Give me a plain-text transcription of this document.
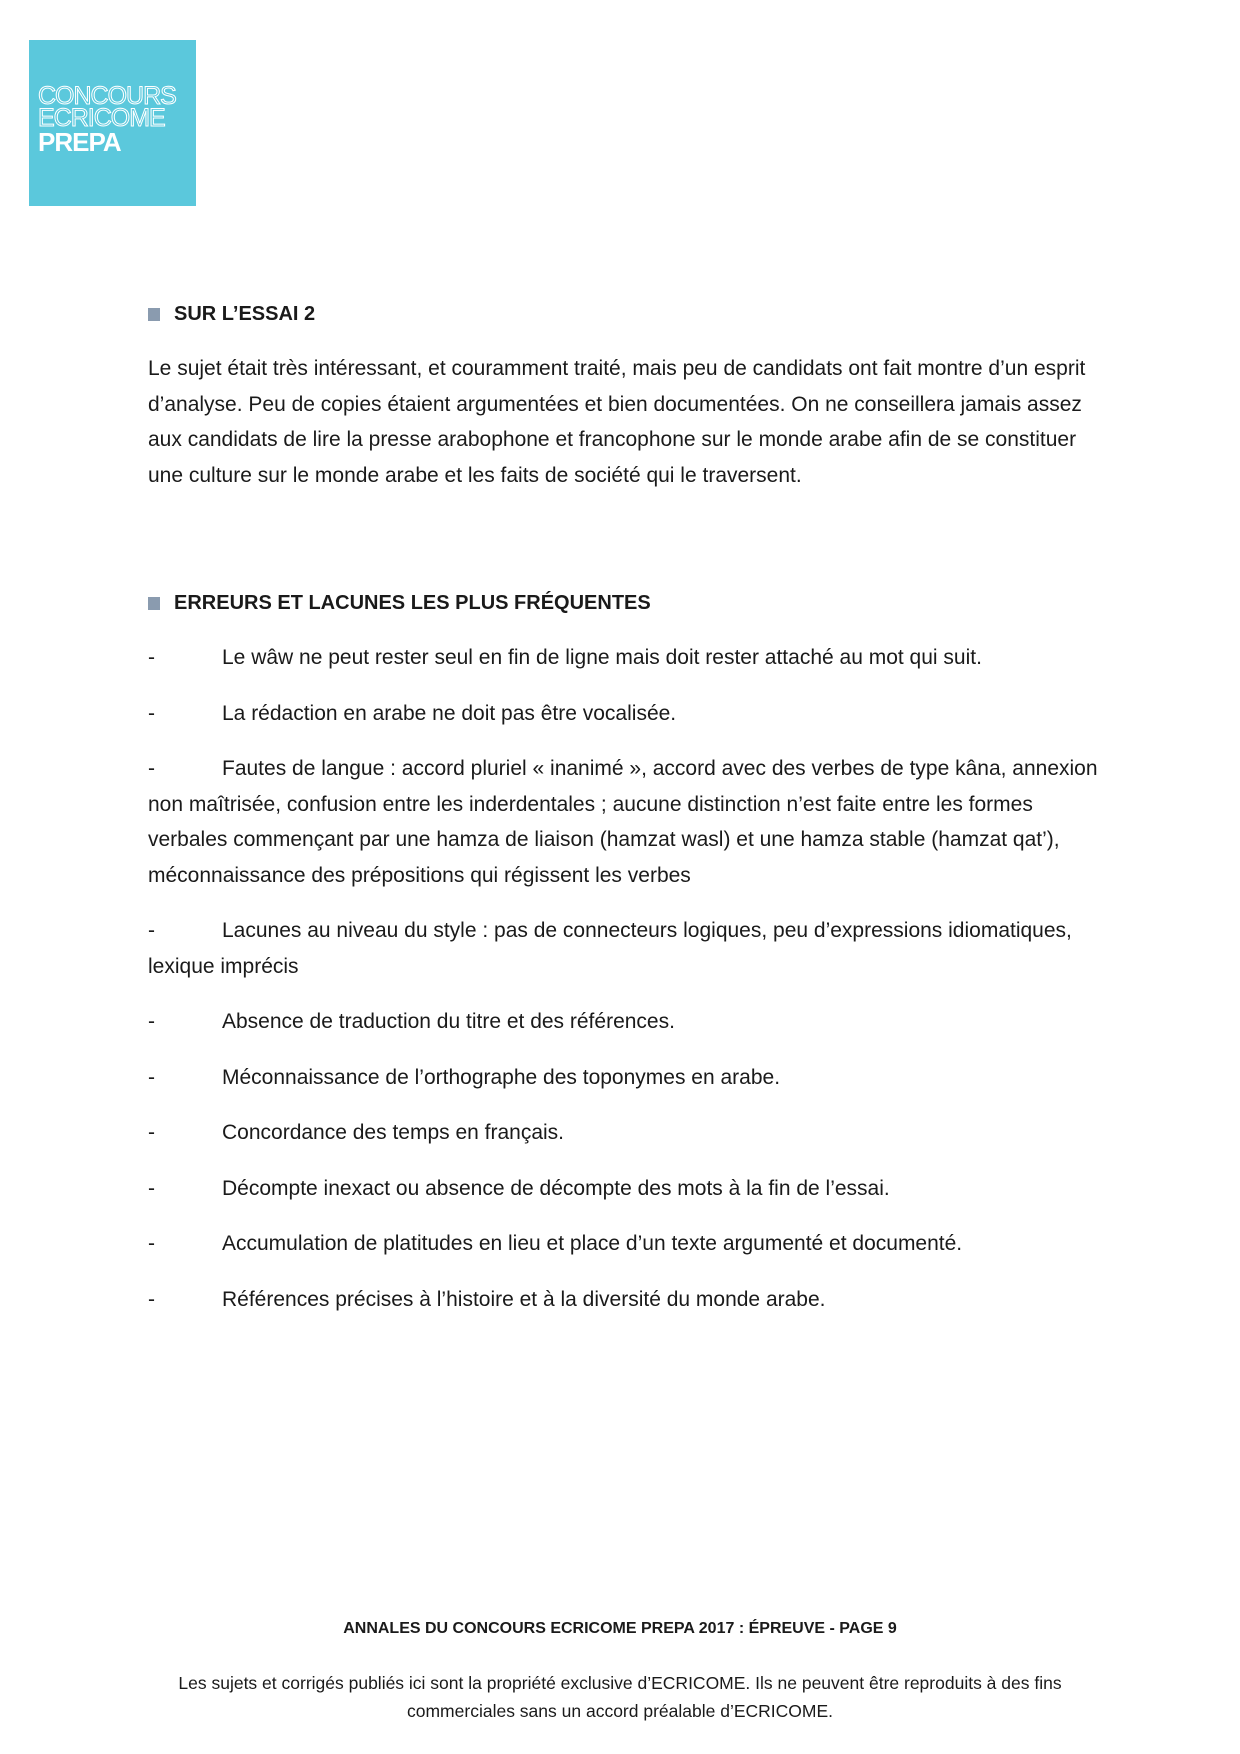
CONCOURS
ECRICOME
PREPA
SUR L’ESSAI 2

Le sujet était très intéressant, et couramment traité, mais peu de candidats ont fait montre d’un esprit d’analyse. Peu de copies étaient argumentées et bien documentées. On ne conseillera jamais assez aux candidats de lire la presse arabophone et francophone sur le monde arabe afin de se constituer une culture sur le monde arabe et les faits de société qui le traversent.

ERREURS ET LACUNES LES PLUS FRÉQUENTES

-	Le wâw ne peut rester seul en fin de ligne mais doit rester attaché au mot qui suit.

-	La rédaction en arabe ne doit pas être vocalisée.

-	Fautes de langue : accord pluriel « inanimé », accord avec des verbes de type kâna, annexion non maîtrisée, confusion entre les inderdentales ; aucune distinction n’est faite entre les formes verbales commençant par une hamza de liaison (hamzat wasl) et une hamza stable (hamzat qat’), méconnaissance des prépositions qui régissent les verbes

-	Lacunes au niveau du style : pas de connecteurs logiques, peu d’expressions idiomatiques, lexique imprécis

-	Absence de traduction du titre et des références.

-	Méconnaissance de l’orthographe des toponymes en arabe.

-	Concordance des temps en français.

-	Décompte inexact ou absence de décompte des mots à la fin de l’essai.

-	Accumulation de platitudes en lieu et place d’un texte argumenté et documenté.

-	Références précises à l’histoire et à la diversité du monde arabe.

ANNALES DU CONCOURS ECRICOME PREPA 2017 : ÉPREUVE - PAGE 9
Les sujets et corrigés publiés ici sont la propriété exclusive d’ECRICOME. Ils ne peuvent être reproduits à des fins commerciales sans un accord préalable d’ECRICOME.
